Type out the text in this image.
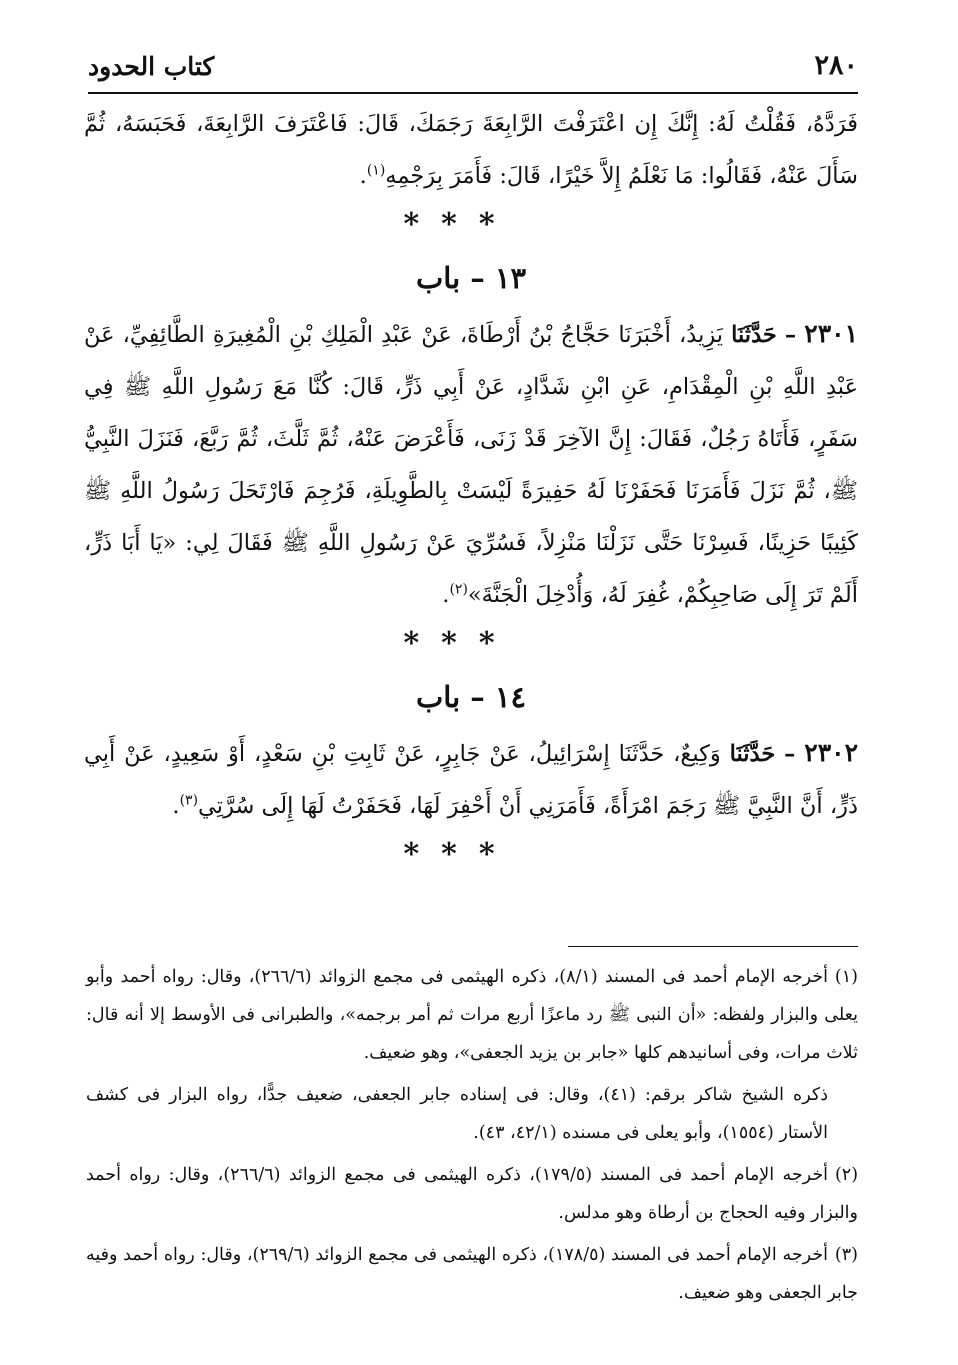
٢٨٠
كتاب الحدود

فَرَدَّهُ، فَقُلْتُ لَهُ: إِنَّكَ إِن اعْتَرَفْتَ الرَّابِعَةَ رَجَمَكَ، قَالَ: فَاعْتَرَفَ الرَّابِعَةَ، فَحَبَسَهُ، ثُمَّ سَأَلَ عَنْهُ، فَقَالُوا: مَا نَعْلَمُ إِلاَّ خَيْرًا، قَالَ: فَأَمَرَ بِرَجْمِهِ$^{(١)}$.

***
١٣ – باب

٢٣٠١ – حَدَّثَنَا يَزِيدُ، أَخْبَرَنَا حَجَّاجُ بْنُ أَرْطَاةَ، عَنْ عَبْدِ الْمَلِكِ بْنِ الْمُغِيرَةِ الطَّائِفِيِّ، عَنْ عَبْدِ اللَّهِ بْنِ الْمِقْدَامِ، عَنِ ابْنِ شَدَّادٍ، عَنْ أَبِي ذَرٍّ، قَالَ: كُنَّا مَعَ رَسُولِ اللَّهِ ﷺ فِي سَفَرٍ، فَأَتَاهُ رَجُلٌ، فَقَالَ: إِنَّ الآخِرَ قَدْ زَنَى، فَأَعْرَضَ عَنْهُ، ثُمَّ ثَلَّثَ، ثُمَّ رَبَّعَ، فَنَزَلَ النَّبِيُّ ﷺ، ثُمَّ نَزَلَ فَأَمَرَنَا فَحَفَرْنَا لَهُ حَفِيرَةً لَيْسَتْ بِالطَّوِيلَةِ، فَرُجِمَ فَارْتَحَلَ رَسُولُ اللَّهِ ﷺ كَئِيبًا حَزِينًا، فَسِرْنَا حَتَّى نَزَلْنَا مَنْزِلاً، فَسُرِّيَ عَنْ رَسُولِ اللَّهِ ﷺ فَقَالَ لِي: «يَا أَبَا ذَرٍّ، أَلَمْ تَرَ إِلَى صَاحِبِكُمْ، غُفِرَ لَهُ، وَأُدْخِلَ الْجَنَّةَ»$^{(٢)}$.

***
١٤ – باب

٢٣٠٢ – حَدَّثَنَا وَكِيعٌ، حَدَّثَنَا إِسْرَائِيلُ، عَنْ جَابِرٍ، عَنْ ثَابِتِ بْنِ سَعْدٍ، أَوْ سَعِيدٍ، عَنْ أَبِي ذَرٍّ، أَنَّ النَّبِيَّ ﷺ رَجَمَ امْرَأَةً، فَأَمَرَنِي أَنْ أَحْفِرَ لَهَا، فَحَفَرْتُ لَهَا إِلَى سُرَّتِي$^{(٣)}$.

***

(١)أخرجه الإمام أحمد فى المسند (٨/١)، ذكره الهيثمى فى مجمع الزوائد (٢٦٦/٦)، وقال: رواه أحمد وأبو يعلى والبزار ولفظه: «أن النبى ﷺ رد ماعزًا أربع مرات ثم أمر برجمه»، والطبرانى فى الأوسط إلا أنه قال: ثلاث مرات، وفى أسانيدهم كلها «جابر بن يزيد الجعفى»، وهو ضعيف.

ذكره الشيخ شاكر برقم: (٤١)، وقال: فى إسناده جابر الجعفى، ضعيف جدًّا، رواه البزار فى كشف الأستار (١٥٥٤)، وأبو يعلى فى مسنده (٤٢/١، ٤٣).

(٢)أخرجه الإمام أحمد فى المسند (١٧٩/٥)، ذكره الهيثمى فى مجمع الزوائد (٢٦٦/٦)، وقال: رواه أحمد والبزار وفيه الحجاج بن أرطاة وهو مدلس.

(٣)أخرجه الإمام أحمد فى المسند (١٧٨/٥)، ذكره الهيثمى فى مجمع الزوائد (٢٦٩/٦)، وقال: رواه أحمد وفيه جابر الجعفى وهو ضعيف.
